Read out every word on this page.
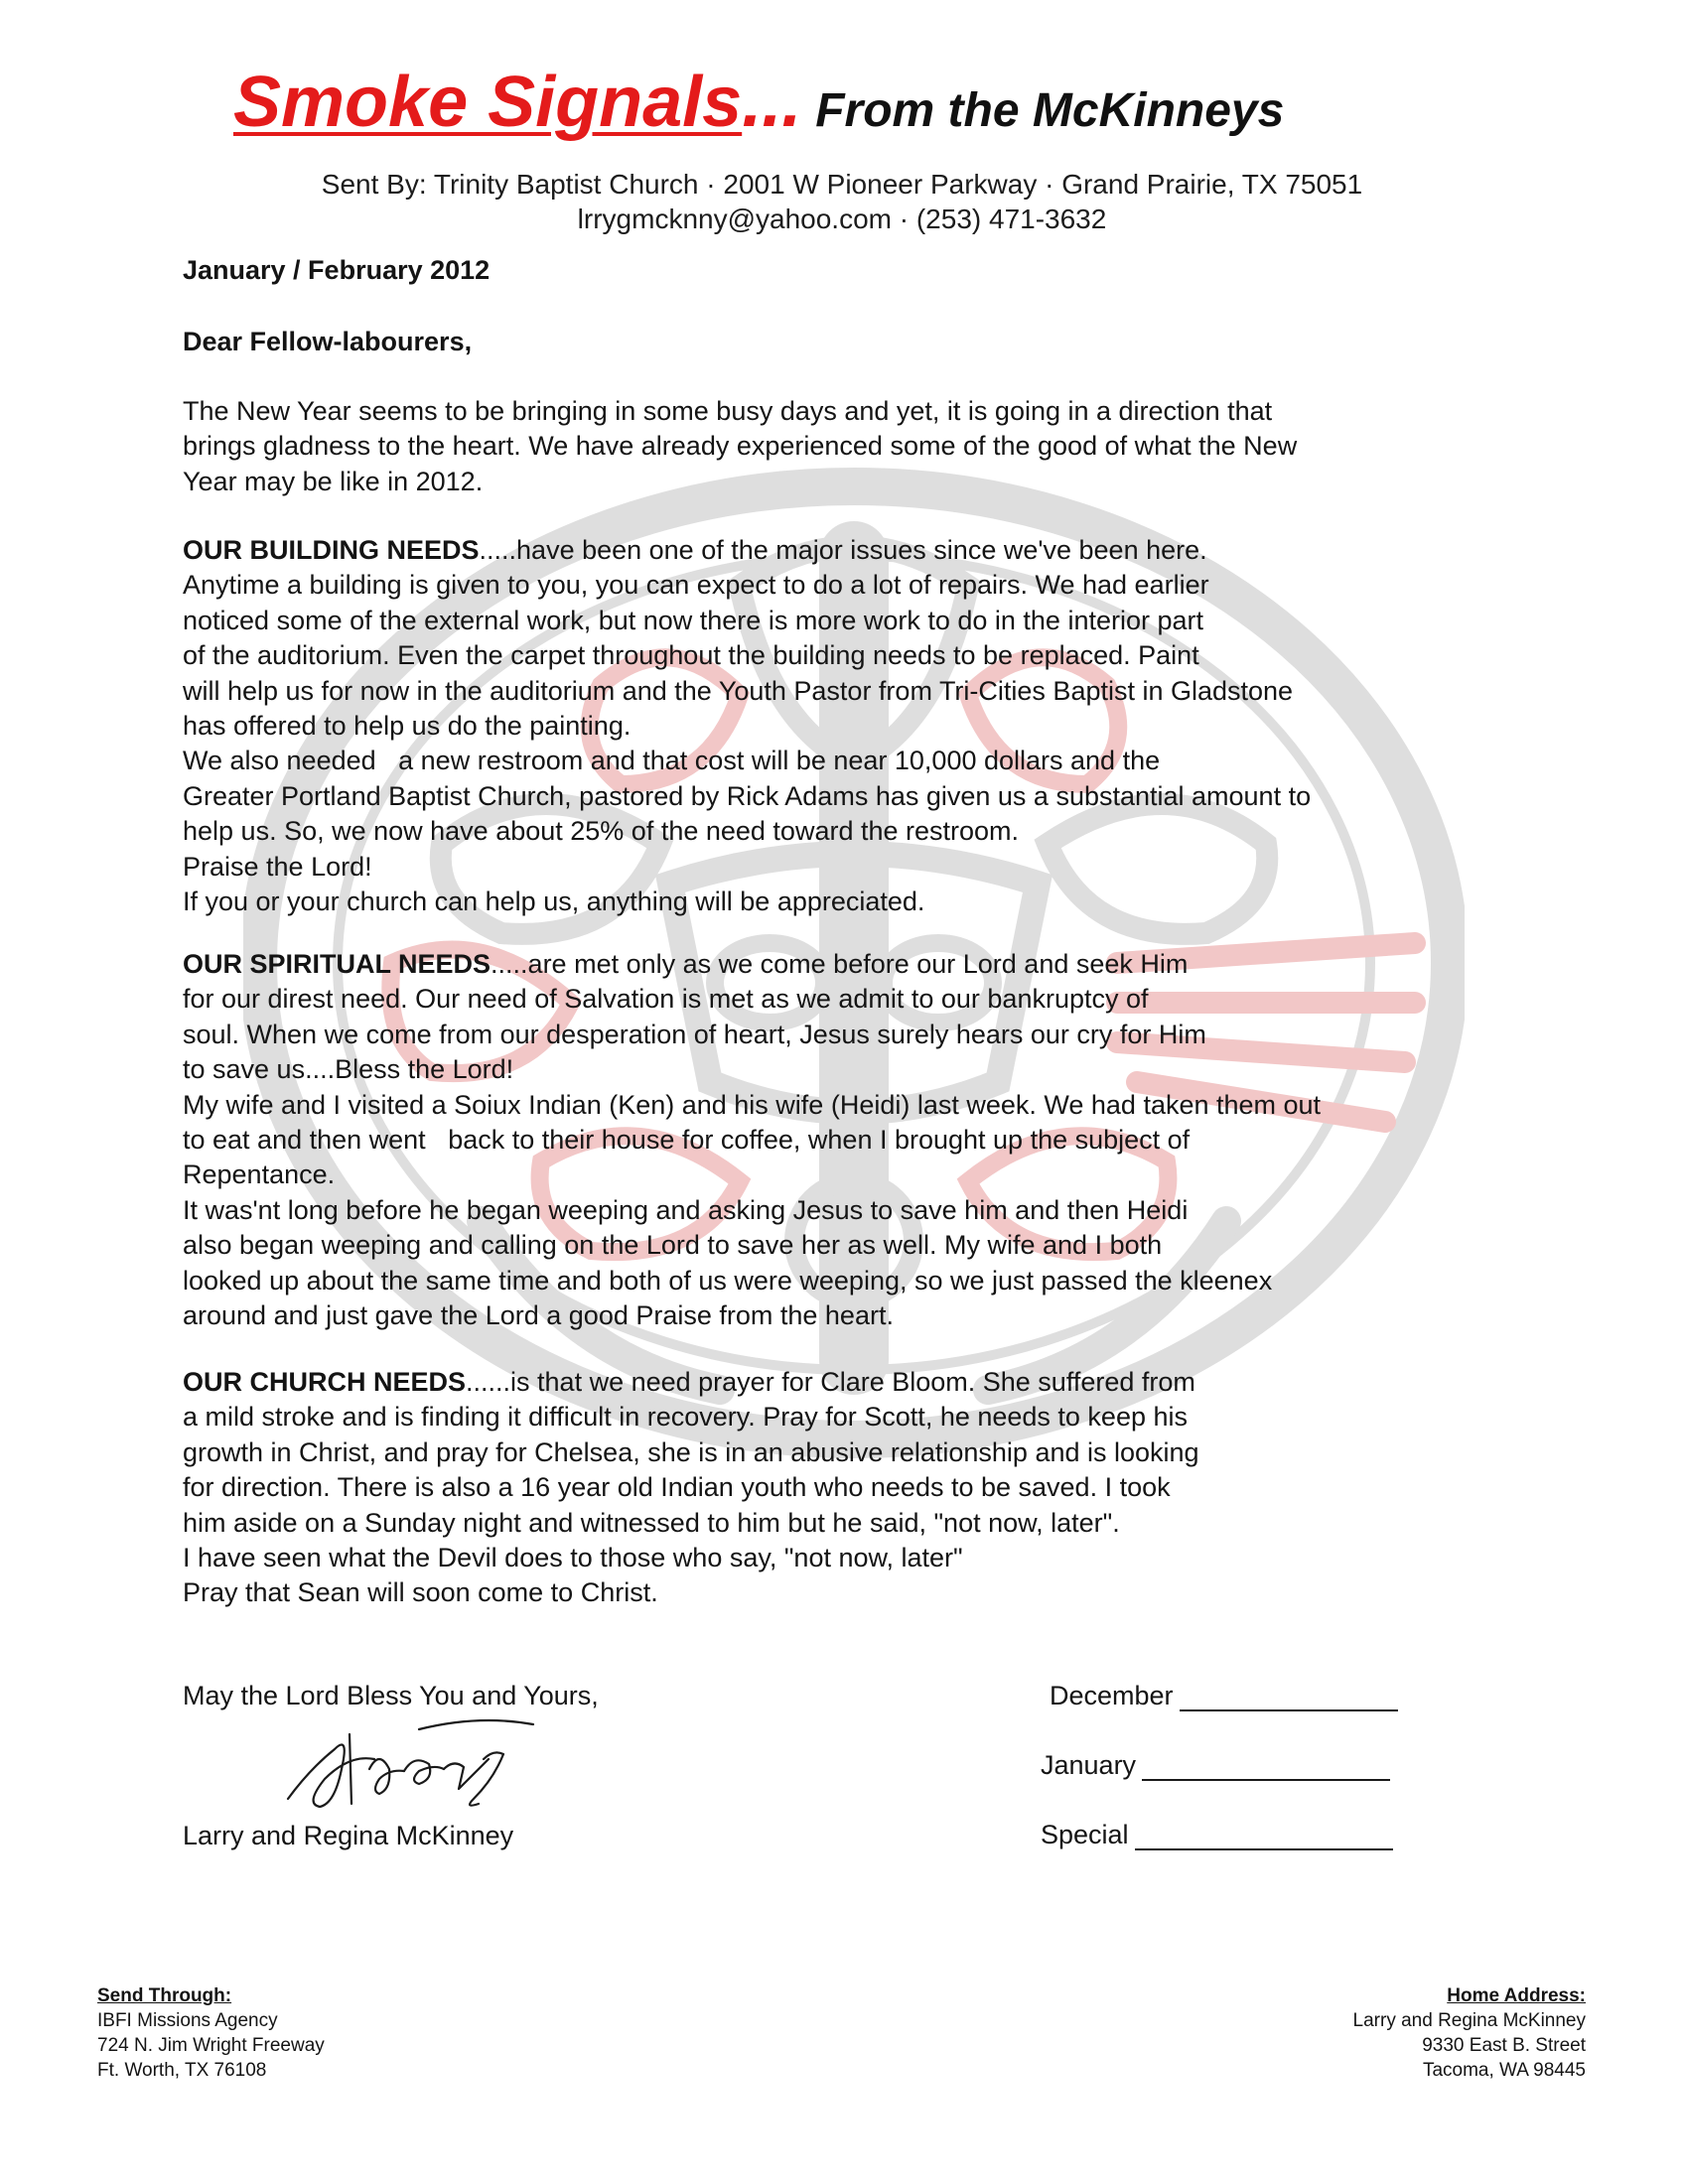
Smoke Signals... From the McKinneys
Sent By: Trinity Baptist Church · 2001 W Pioneer Parkway · Grand Prairie, TX 75051
lrrygmcknny@yahoo.com · (253) 471-3632
January / February 2012
Dear Fellow-labourers,
The New Year seems to be bringing in some busy days and yet, it is going in a direction that
brings gladness to the heart. We have already experienced some of the good of what the New
Year may be like in 2012.
OUR BUILDING NEEDS.....have been one of the major issues since we've been here.
Anytime a building is given to you, you can expect to do a lot of repairs. We had earlier
noticed some of the external work, but now there is more work to do in the interior part
of the auditorium. Even the carpet throughout the building needs to be replaced. Paint
will help us for now in the auditorium and the Youth Pastor from Tri-Cities Baptist in Gladstone
has offered to help us do the painting.
We also needed   a new restroom and that cost will be near 10,000 dollars and the
Greater Portland Baptist Church, pastored by Rick Adams has given us a substantial amount to
help us. So, we now have about 25% of the need toward the restroom.
Praise the Lord!
If you or your church can help us, anything will be appreciated.
OUR SPIRITUAL NEEDS.....are met only as we come before our Lord and seek Him
for our direst need. Our need of Salvation is met as we admit to our bankruptcy of
soul. When we come from our desperation of heart, Jesus surely hears our cry for Him
to save us....Bless the Lord!
My wife and I visited a Soiux Indian (Ken) and his wife (Heidi) last week. We had taken them out
to eat and then went   back to their house for coffee, when I brought up the subject of
Repentance.
It was'nt long before he began weeping and asking Jesus to save him and then Heidi
also began weeping and calling on the Lord to save her as well. My wife and I both
looked up about the same time and both of us were weeping, so we just passed the kleenex
around and just gave the Lord a good Praise from the heart.
OUR CHURCH NEEDS......is that we need prayer for Clare Bloom. She suffered from
a mild stroke and is finding it difficult in recovery. Pray for Scott, he needs to keep his
growth in Christ, and pray for Chelsea, she is in an abusive relationship and is looking
for direction. There is also a 16 year old Indian youth who needs to be saved. I took
him aside on a Sunday night and witnessed to him but he said, "not now, later".
I have seen what the Devil does to those who say, "not now, later"
Pray that Sean will soon come to Christ.
May the Lord Bless You and Yours,
Larry and Regina McKinney
December
January
Special
Send Through:
IBFI Missions Agency
724 N. Jim Wright Freeway
Ft. Worth, TX 76108
Home Address:
Larry and Regina McKinney
9330 East B. Street
Tacoma, WA 98445
